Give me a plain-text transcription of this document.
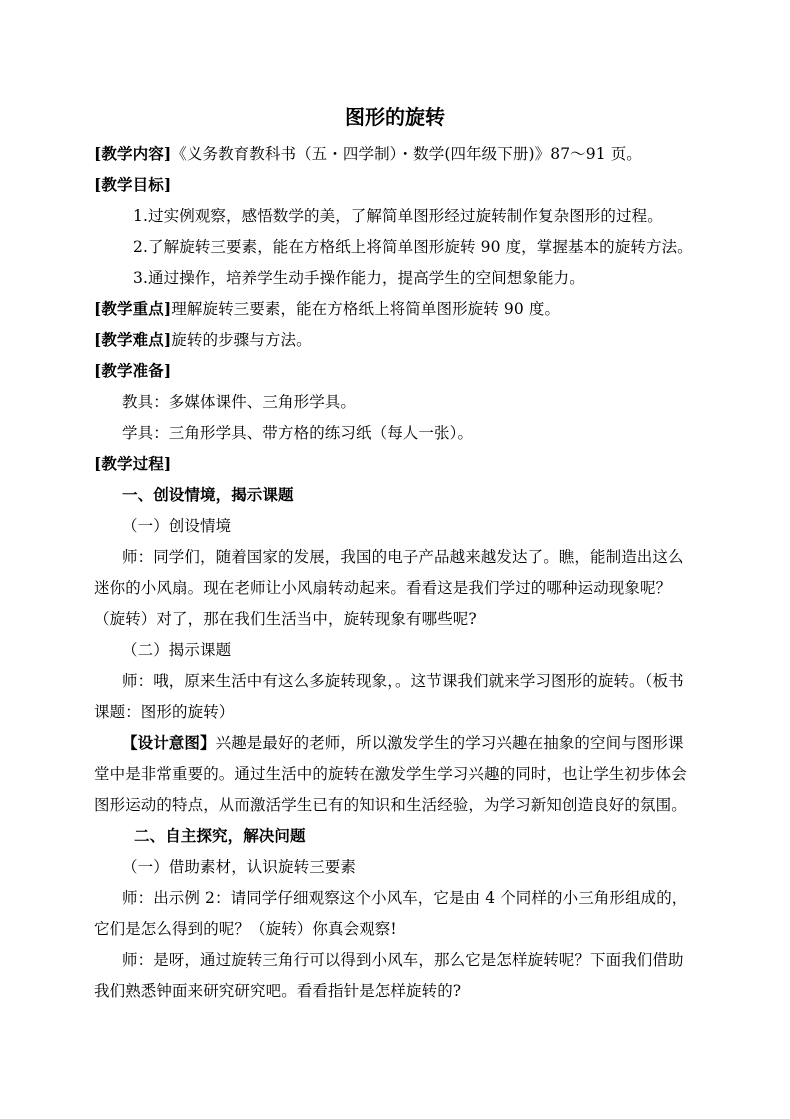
图形的旋转
[教学内容]《义务教育教科书（五・四学制）・数学(四年级下册)》87～91 页。
[教学目标]
1.过实例观察，感悟数学的美，了解简单图形经过旋转制作复杂图形的过程。
2.了解旋转三要素，能在方格纸上将简单图形旋转 90 度，掌握基本的旋转方法。
3.通过操作，培养学生动手操作能力，提高学生的空间想象能力。
[教学重点]理解旋转三要素，能在方格纸上将简单图形旋转 90 度。
[教学难点]旋转的步骤与方法。
[教学准备]
教具：多媒体课件、三角形学具。
学具：三角形学具、带方格的练习纸（每人一张）。
[教学过程]
一、创设情境，揭示课题
（一）创设情境
师：同学们，随着国家的发展，我国的电子产品越来越发达了。瞧，能制造出这么
迷你的小风扇。现在老师让小风扇转动起来。看看这是我们学过的哪种运动现象呢？
（旋转）对了，那在我们生活当中，旋转现象有哪些呢?
（二）揭示课题
师：哦，原来生活中有这么多旋转现象，。这节课我们就来学习图形的旋转。（板书
课题：图形的旋转）
【设计意图】兴趣是最好的老师，所以激发学生的学习兴趣在抽象的空间与图形课
堂中是非常重要的。通过生活中的旋转在激发学生学习兴趣的同时，也让学生初步体会
图形运动的特点，从而激活学生已有的知识和生活经验，为学习新知创造良好的氛围。
二、自主探究，解决问题
（一）借助素材，认识旋转三要素
师：出示例 2：请同学仔细观察这个小风车，它是由 4 个同样的小三角形组成的，
它们是怎么得到的呢？（旋转）你真会观察!
师：是呀，通过旋转三角行可以得到小风车，那么它是怎样旋转呢？下面我们借助
我们熟悉钟面来研究研究吧。看看指针是怎样旋转的?
